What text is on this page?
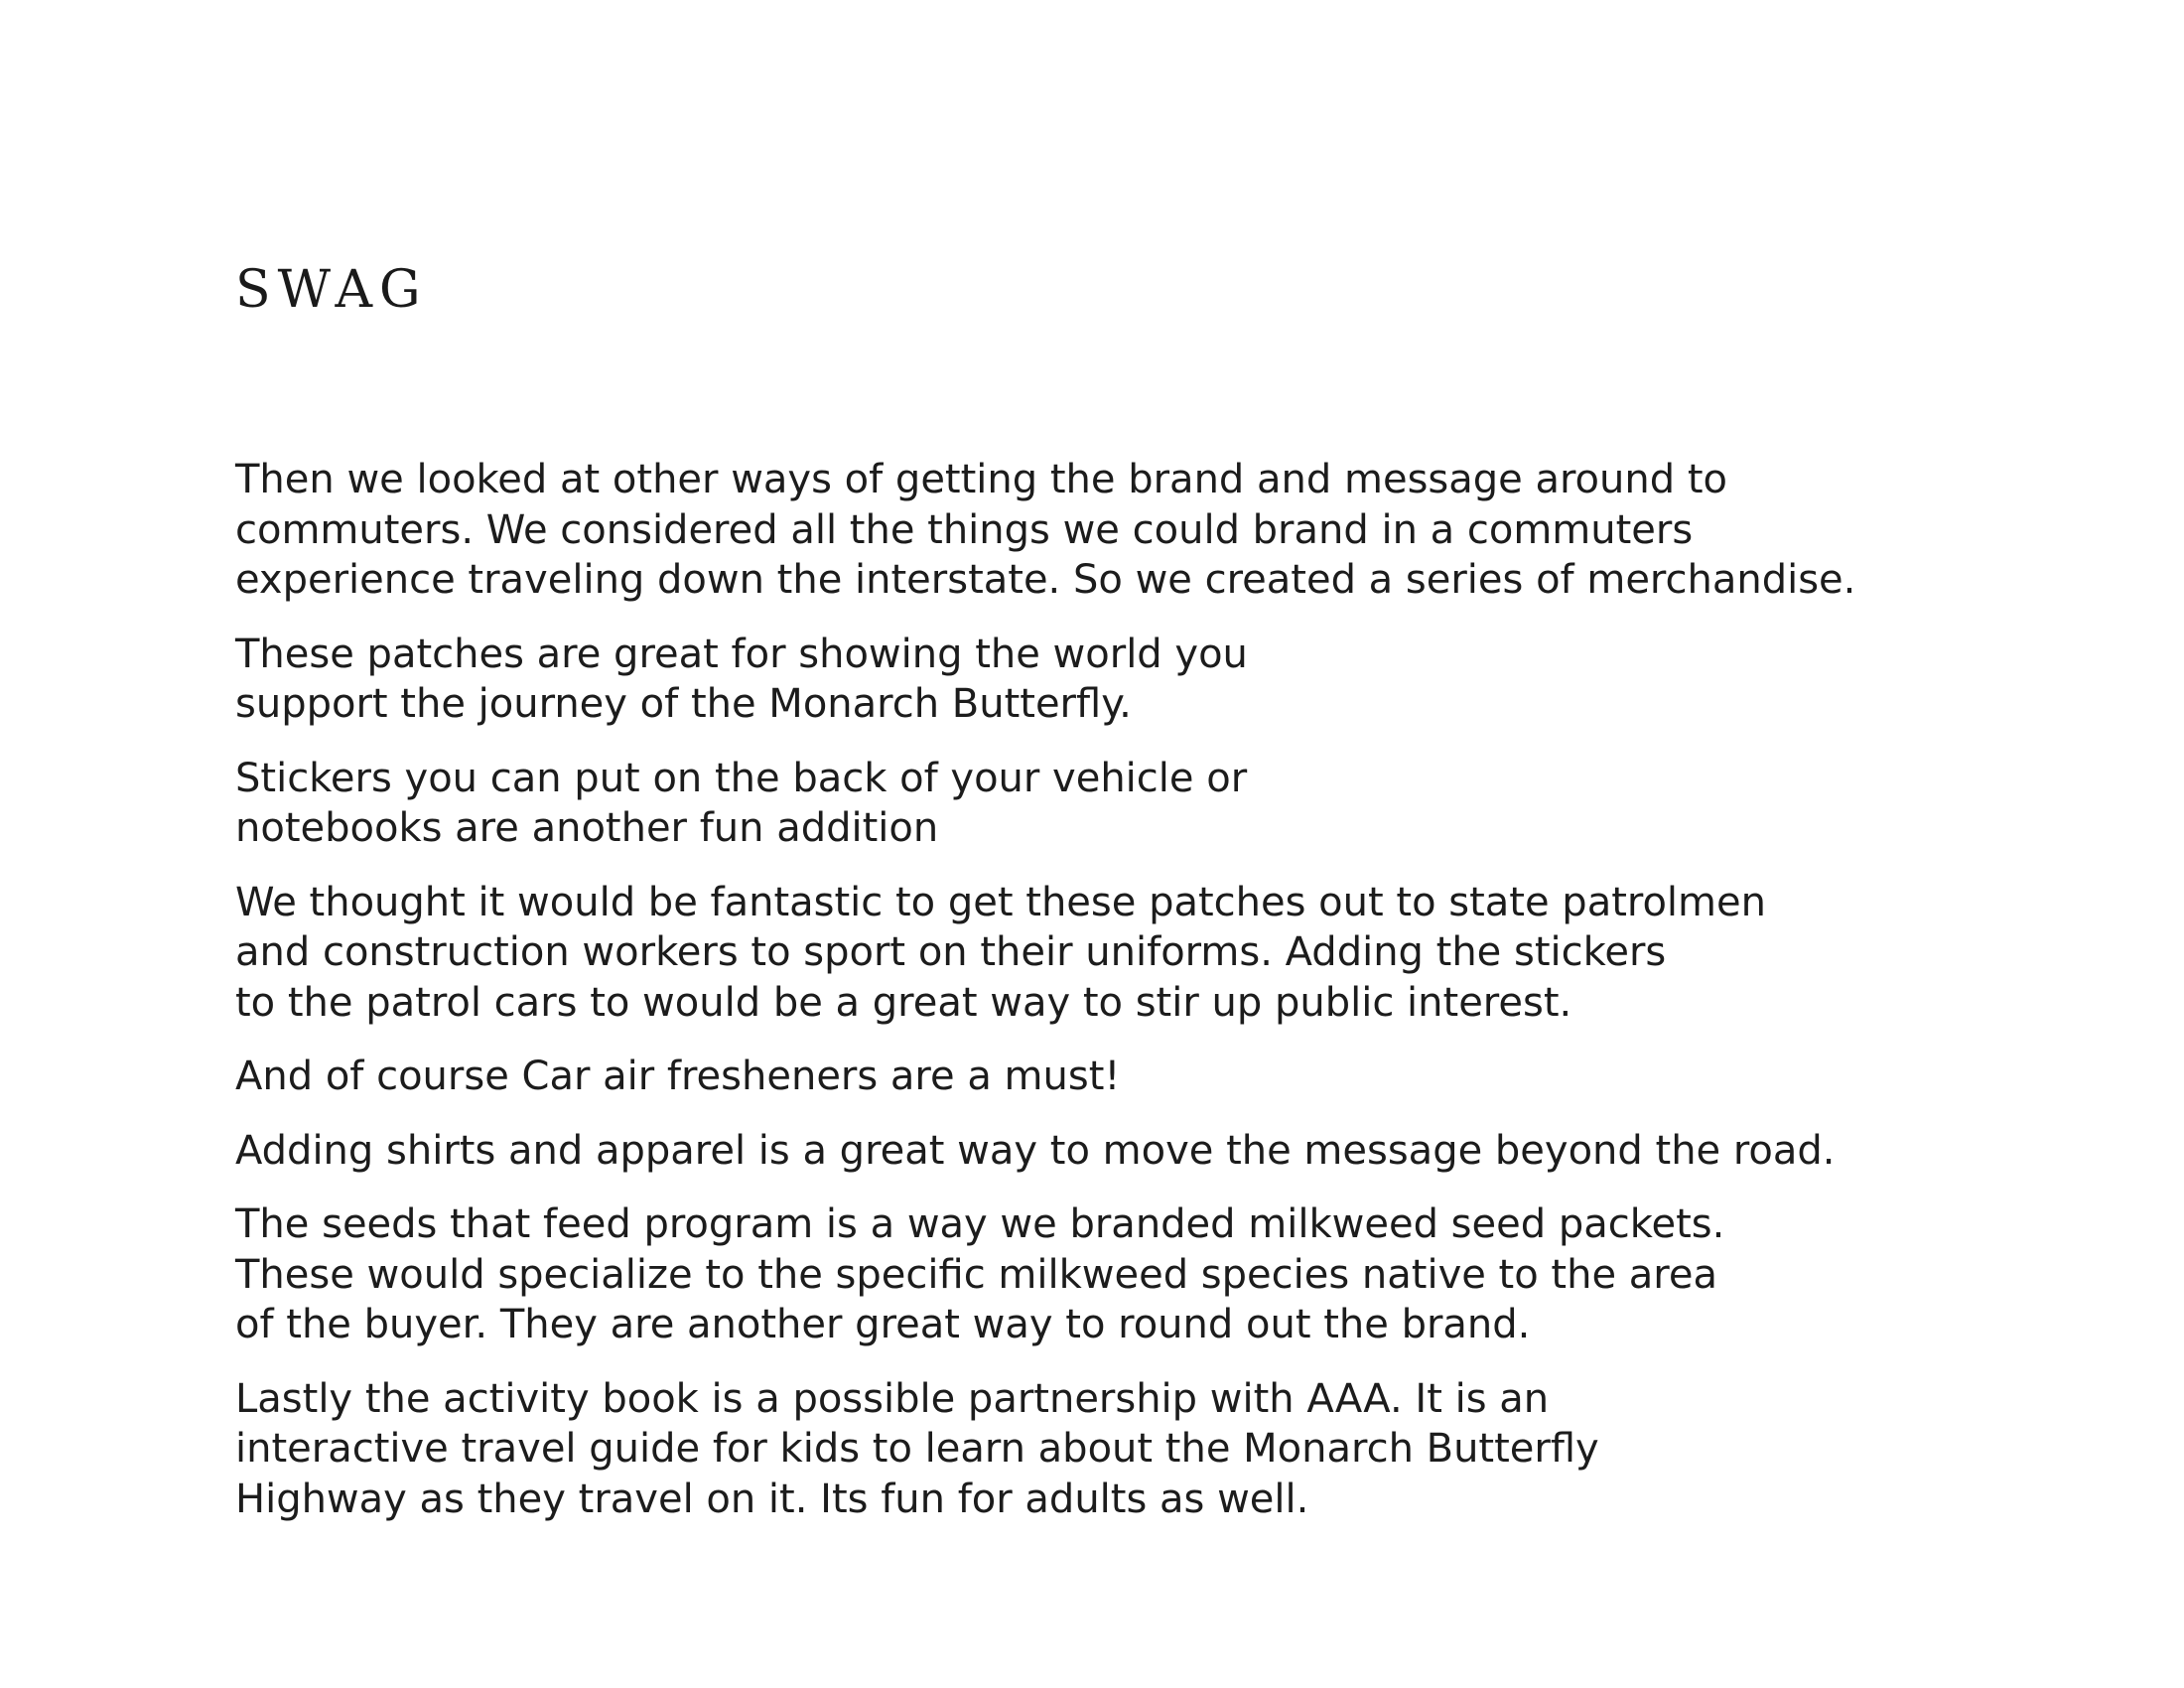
SWAG

Then we looked at other ways of getting the brand and message around to
commuters. We considered all the things we could brand in a commuters
experience traveling down the interstate. So we created a series of merchandise.

These patches are great for showing the world you
support the journey of the Monarch Butterfly.

Stickers you can put on the back of your vehicle or
notebooks are another fun addition

We thought it would be fantastic to get these patches out to state patrolmen
and construction workers to sport on their uniforms. Adding the stickers
to the patrol cars to would be a great way to stir up public interest.

And of course Car air fresheners are a must!

Adding shirts and apparel is a great way to move the message beyond the road.

The seeds that feed program is a way we branded milkweed seed packets.
These would specialize to the specific milkweed species native to the area
of the buyer. They are another great way to round out the brand.

Lastly the activity book is a possible partnership with AAA. It is an
interactive travel guide for kids to learn about the Monarch Butterfly
Highway as they travel on it. Its fun for adults as well.
